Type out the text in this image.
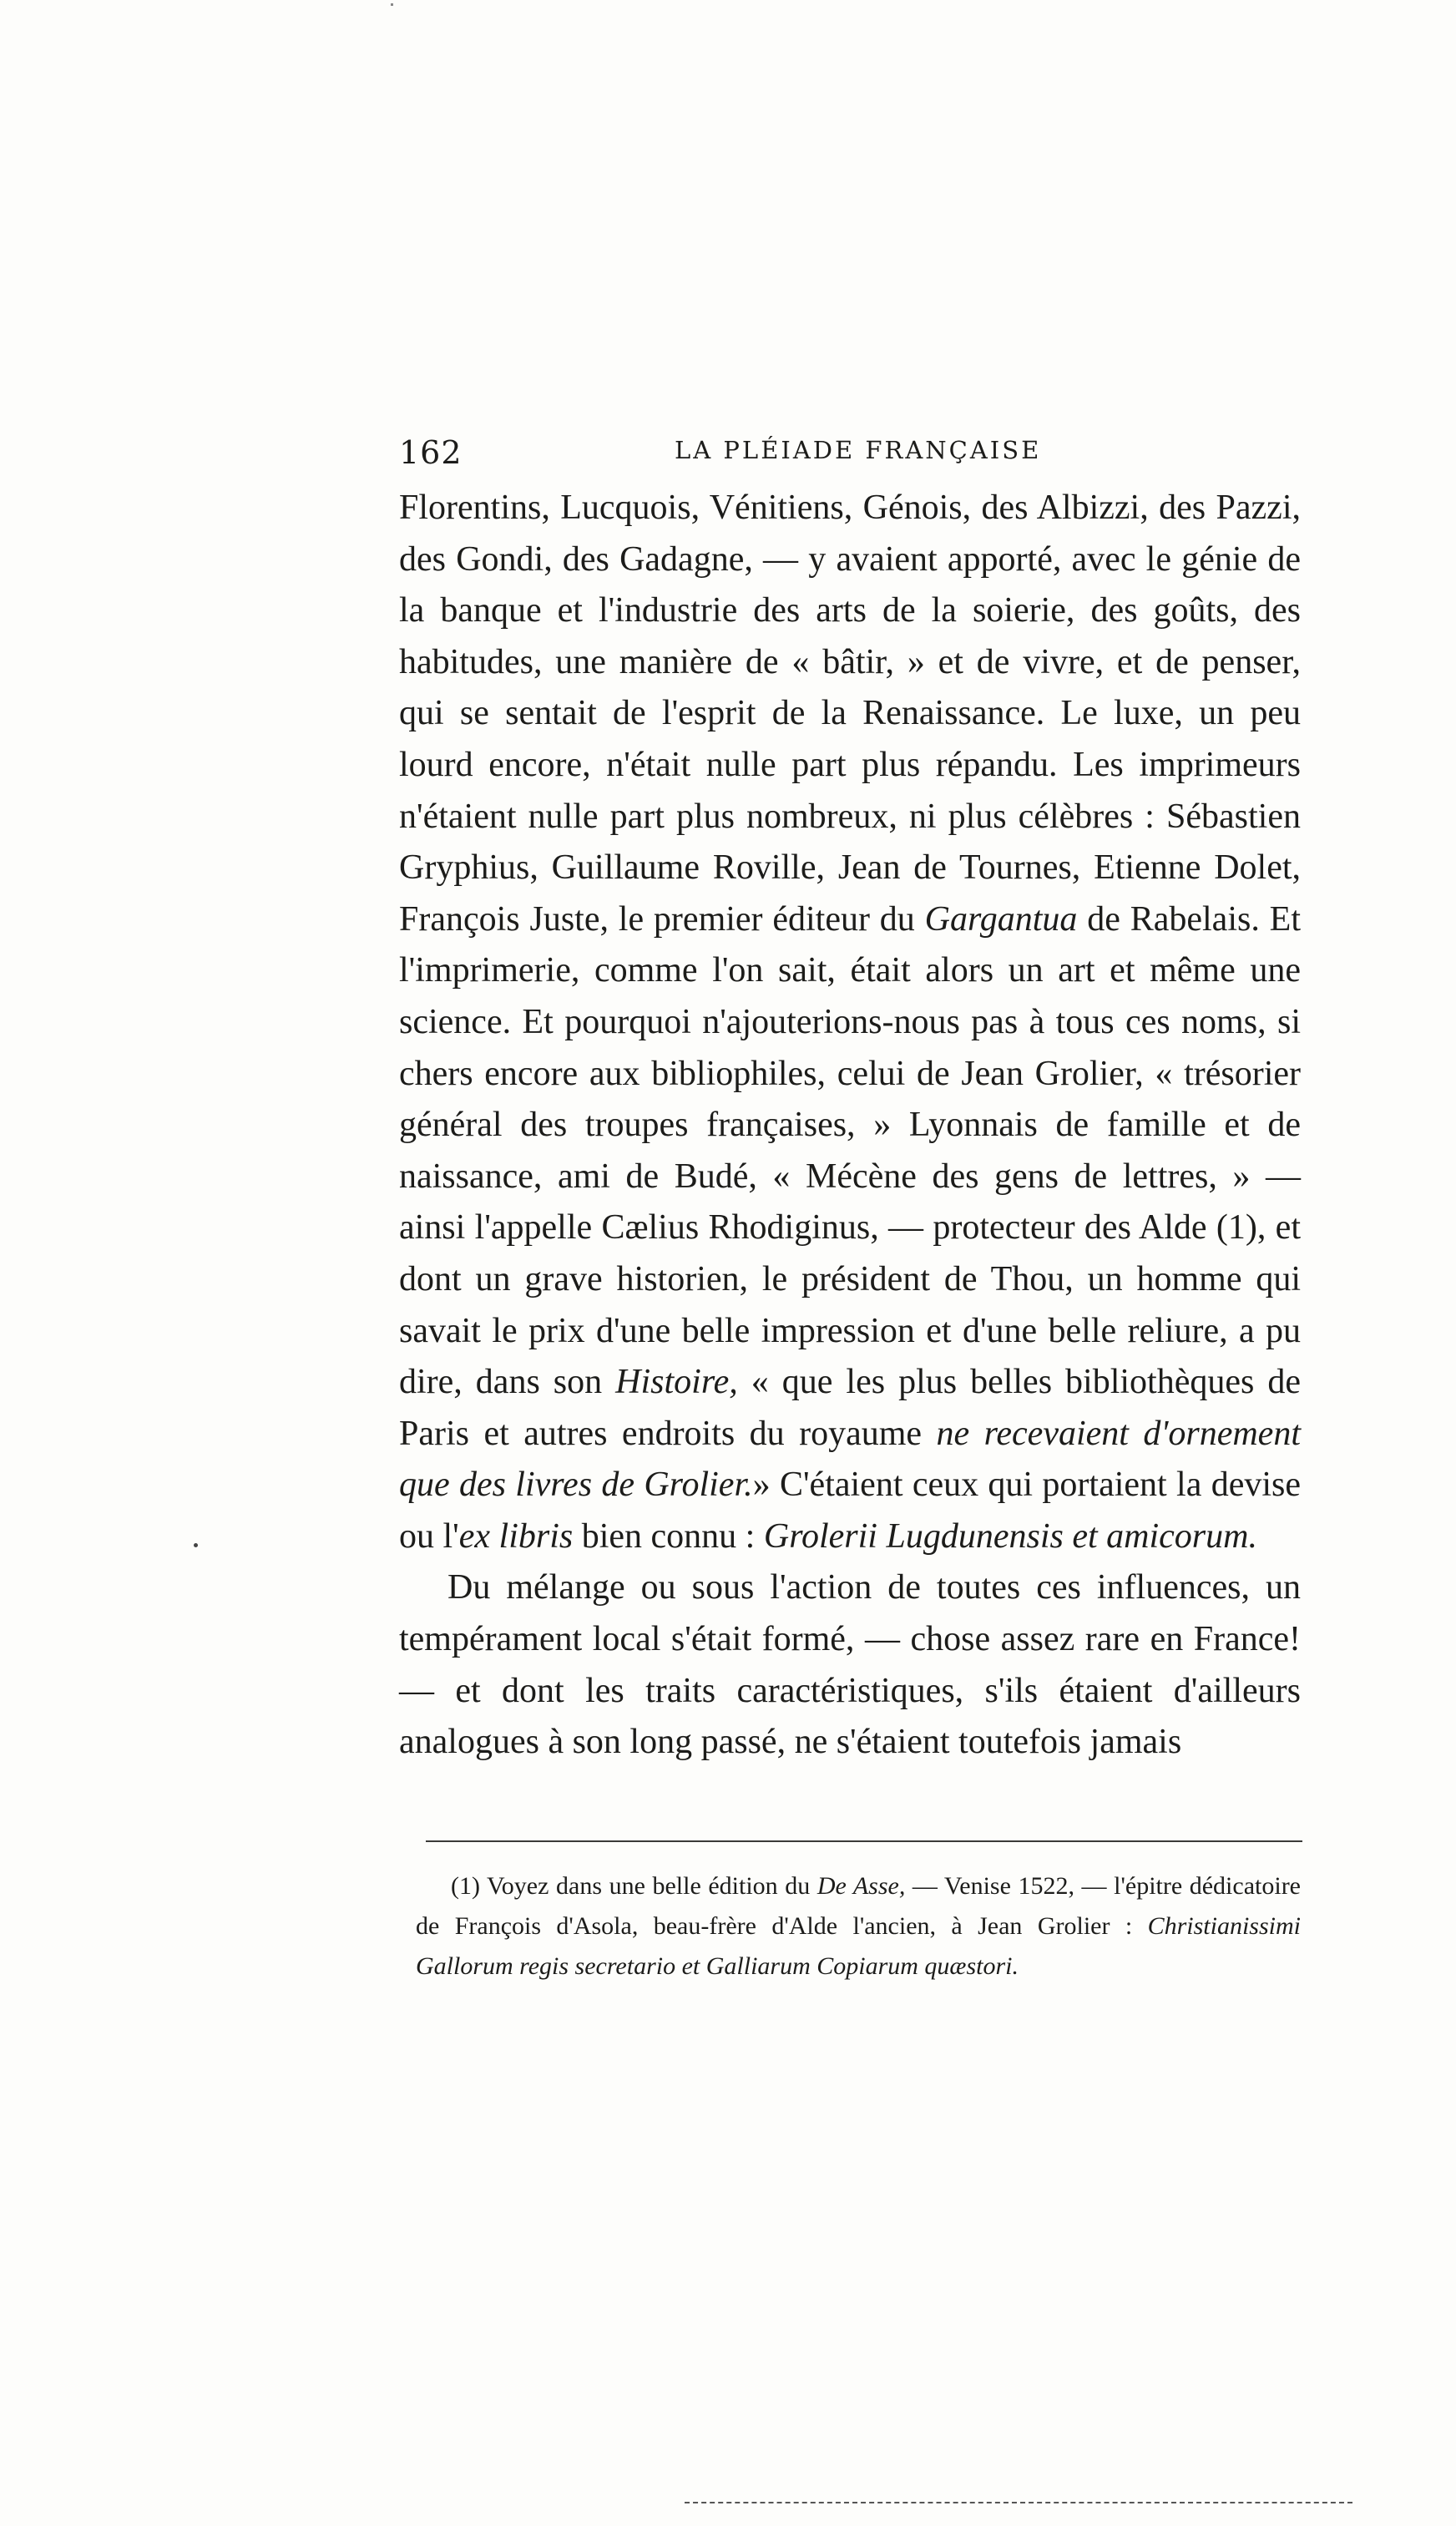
162	LA PLÉIADE FRANÇAISE

Florentins, Lucquois, Vénitiens, Génois, des Albizzi, des Pazzi, des Gondi, des Gadagne, — y avaient apporté, avec le génie de la banque et l'industrie des arts de la soierie, des goûts, des habitudes, une manière de « bâtir, » et de vivre, et de penser, qui se sentait de l'esprit de la Renaissance. Le luxe, un peu lourd encore, n'était nulle part plus répandu. Les imprimeurs n'étaient nulle part plus nombreux, ni plus célèbres : Sébastien Gryphius, Guillaume Roville, Jean de Tournes, Etienne Dolet, François Juste, le premier éditeur du Gargantua de Rabelais. Et l'imprimerie, comme l'on sait, était alors un art et même une science. Et pourquoi n'ajouterions-nous pas à tous ces noms, si chers encore aux bibliophiles, celui de Jean Grolier, « trésorier général des troupes françaises, » Lyonnais de famille et de naissance, ami de Budé, « Mécène des gens de lettres, » — ainsi l'appelle Cælius Rhodiginus, — protecteur des Alde (1), et dont un grave historien, le président de Thou, un homme qui savait le prix d'une belle impression et d'une belle reliure, a pu dire, dans son Histoire, « que les plus belles bibliothèques de Paris et autres endroits du royaume ne recevaient d'ornement que des livres de Grolier.» C'étaient ceux qui portaient la devise ou l'ex libris bien connu : Grolerii Lugdunensis et amicorum.

Du mélange ou sous l'action de toutes ces influences, un tempérament local s'était formé, — chose assez rare en France! — et dont les traits caractéristiques, s'ils étaient d'ailleurs analogues à son long passé, ne s'étaient toutefois jamais

(1) Voyez dans une belle édition du De Asse, — Venise 1522, — l'épitre dédicatoire de François d'Asola, beau-frère d'Alde l'ancien, à Jean Grolier : Christianissimi Gallorum regis secretario et Galliarum Copiarum quæstori.
